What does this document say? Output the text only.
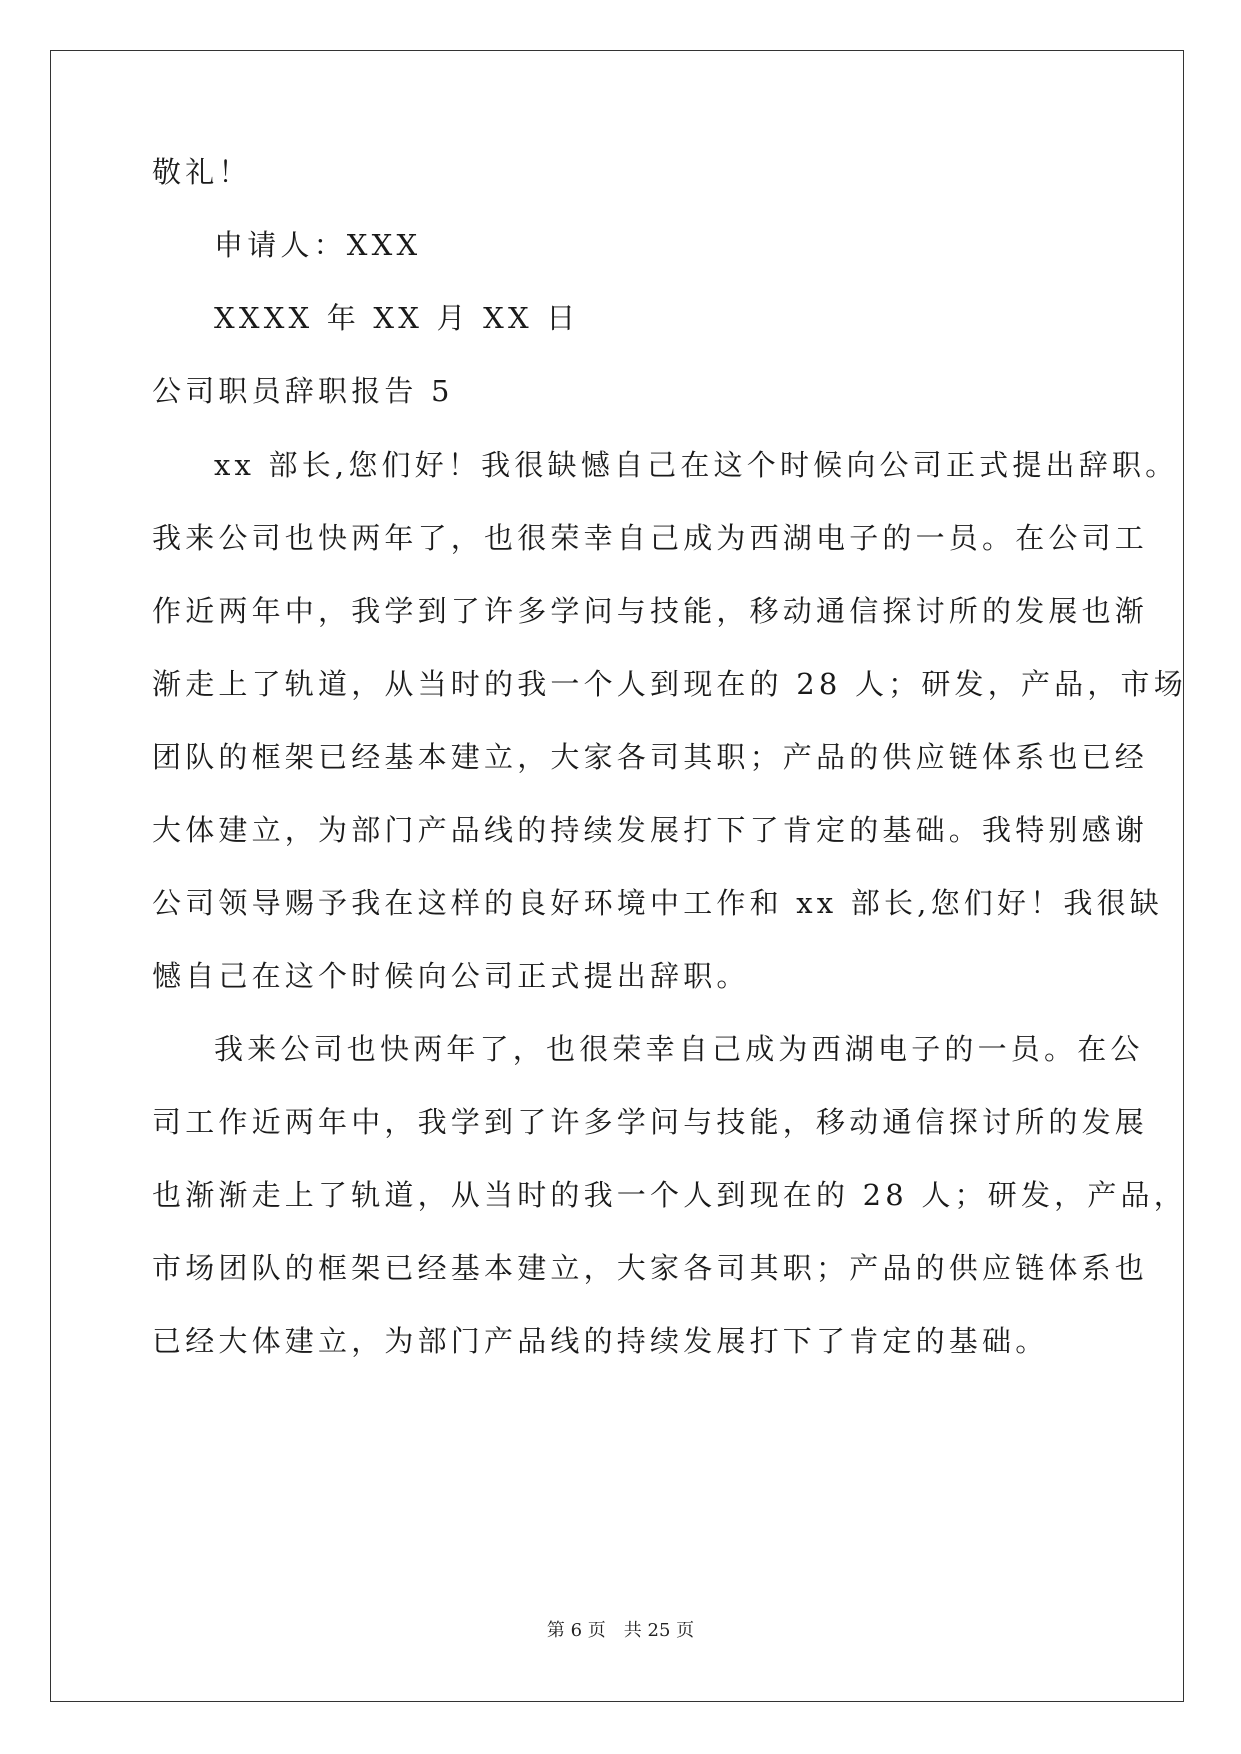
敬礼！
申请人：XXX
XXXX 年 XX 月 XX 日
公司职员辞职报告 5
xx 部长,您们好！我很缺憾自己在这个时候向公司正式提出辞职。
我来公司也快两年了，也很荣幸自己成为西湖电子的一员。在公司工
作近两年中，我学到了许多学问与技能，移动通信探讨所的发展也渐
渐走上了轨道，从当时的我一个人到现在的 28 人；研发，产品，市场
团队的框架已经基本建立，大家各司其职；产品的供应链体系也已经
大体建立，为部门产品线的持续发展打下了肯定的基础。我特别感谢
公司领导赐予我在这样的良好环境中工作和 xx 部长,您们好！我很缺
憾自己在这个时候向公司正式提出辞职。
我来公司也快两年了，也很荣幸自己成为西湖电子的一员。在公
司工作近两年中，我学到了许多学问与技能，移动通信探讨所的发展
也渐渐走上了轨道，从当时的我一个人到现在的 28 人；研发，产品，
市场团队的框架已经基本建立，大家各司其职；产品的供应链体系也
已经大体建立，为部门产品线的持续发展打下了肯定的基础。
第 6 页　共 25 页
